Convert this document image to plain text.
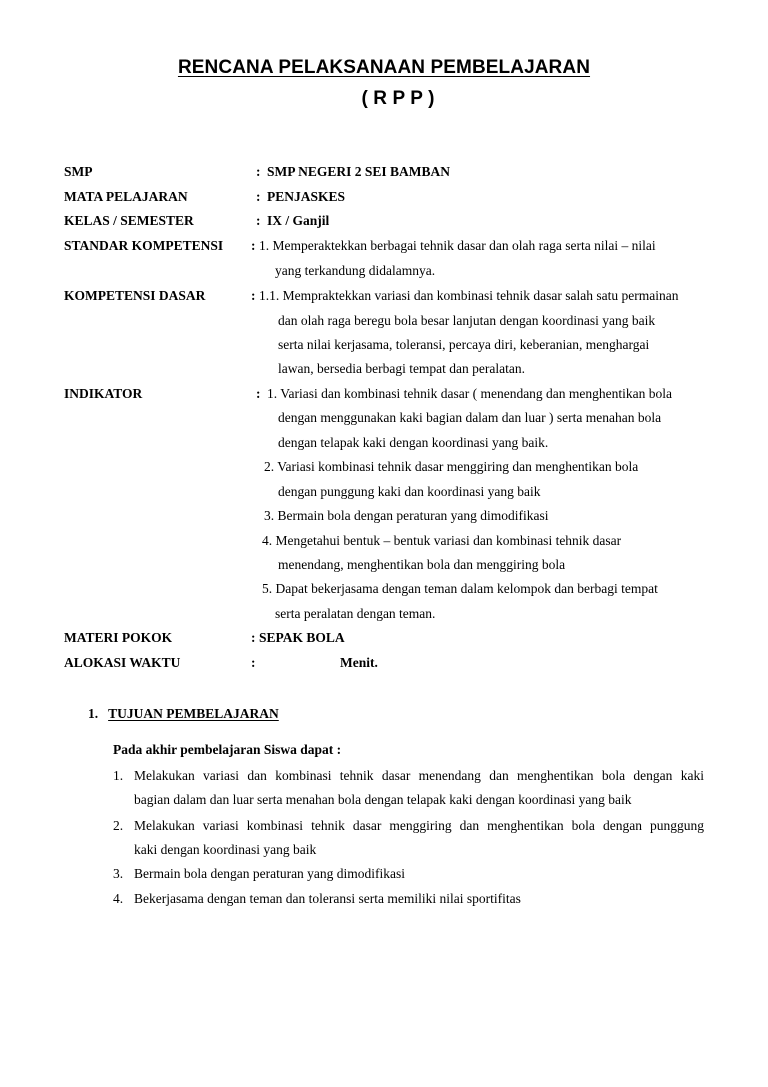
RENCANA PELAKSANAAN PEMBELAJARAN
( R P P )
SMP	: SMP NEGERI 2 SEI BAMBAN
MATA PELAJARAN	: PENJASKES
KELAS / SEMESTER	: IX / Ganjil
STANDAR KOMPETENSI : 1. Memperaktekkan berbagai tehnik dasar dan olah raga serta nilai – nilai
yang terkandung didalamnya.
KOMPETENSI DASAR	: 1.1. Mempraktekkan variasi dan kombinasi tehnik dasar salah satu permainan
dan olah raga beregu bola besar lanjutan dengan koordinasi yang baik
serta nilai kerjasama, toleransi, percaya diri, keberanian, menghargai
lawan, bersedia berbagi tempat dan peralatan.
INDIKATOR	: 1. Variasi dan kombinasi tehnik dasar ( menendang dan menghentikan bola
dengan menggunakan kaki bagian dalam dan luar ) serta menahan bola
dengan telapak kaki dengan koordinasi yang baik.
2. Variasi kombinasi tehnik dasar menggiring dan menghentikan bola
dengan punggung kaki dan koordinasi yang baik
3. Bermain bola dengan peraturan yang dimodifikasi
4. Mengetahui bentuk – bentuk variasi dan kombinasi tehnik dasar
menendang, menghentikan bola dan menggiring bola
5. Dapat bekerjasama dengan teman dalam kelompok dan berbagi tempat
serta peralatan dengan teman.
MATERI POKOK	: SEPAK BOLA
ALOKASI WAKTU	:	Menit.
1. TUJUAN PEMBELAJARAN
Pada akhir pembelajaran Siswa dapat :
1. Melakukan variasi dan kombinasi tehnik dasar menendang dan menghentikan bola dengan kaki
bagian dalam dan luar serta menahan bola dengan telapak kaki dengan koordinasi yang baik
2. Melakukan variasi kombinasi tehnik dasar menggiring dan menghentikan bola dengan punggung
kaki dengan koordinasi yang baik
3. Bermain bola dengan peraturan yang dimodifikasi
4. Bekerjasama dengan teman dan toleransi serta memiliki nilai sportifitas
